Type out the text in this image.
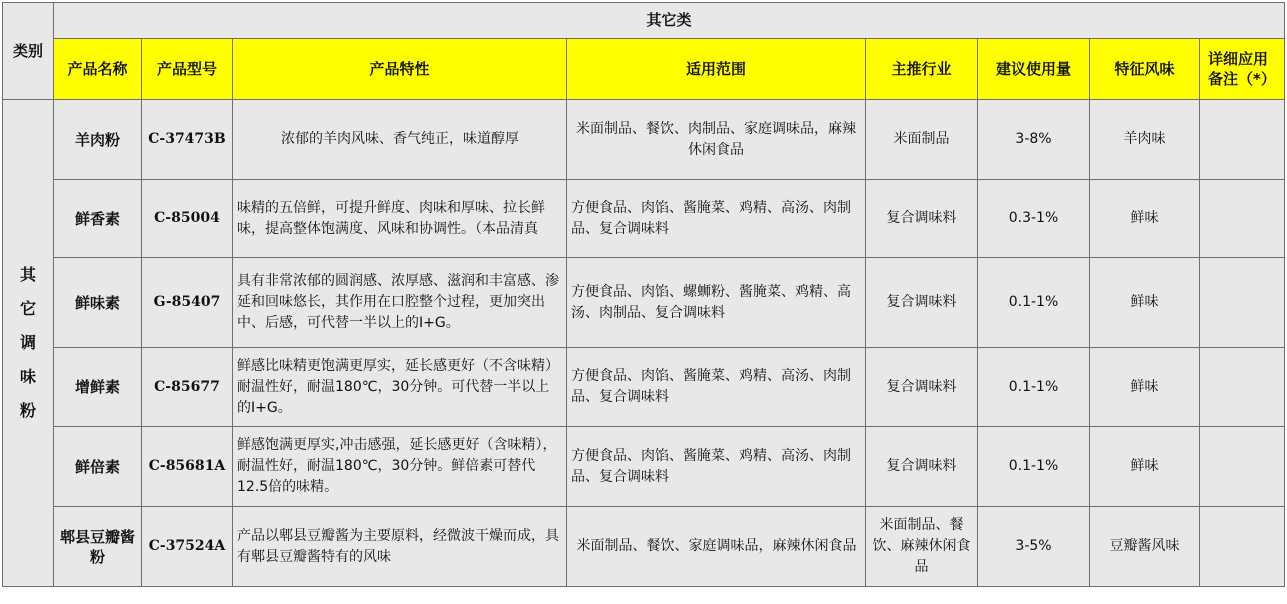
类别	其它类							
	产品名称	产品型号	产品特性	适用范围	主推行业	建议使用量	特征风味	详细应用备注（*）

其
它
调
味
粉	羊肉粉	C-37473B	浓郁的羊肉风味、香气纯正，味道醇厚	米面制品、餐饮、肉制品、家庭调味品，麻辣休闲食品	米面制品	3-8%	羊肉味	
	鲜香素	C-85004	味精的五倍鲜，可提升鲜度、肉味和厚味、拉长鲜味，提高整体饱满度、风味和协调性。（本品清真	方便食品、肉馅、酱腌菜、鸡精、高汤、肉制品、复合调味料	复合调味料	0.3-1%	鲜味	
	鲜味素	G-85407	具有非常浓郁的圆润感、浓厚感、滋润和丰富感、渗延和回味悠长，其作用在口腔整个过程，更加突出中、后感，可代替一半以上的I+G。	方便食品、肉馅、螺蛳粉、酱腌菜、鸡精、高汤、肉制品、复合调味料	复合调味料	0.1-1%	鲜味	
	增鲜素	C-85677	鲜感比味精更饱满更厚实，延长感更好（不含味精）耐温性好，耐温180℃，30分钟。可代替一半以上的I+G。	方便食品、肉馅、酱腌菜、鸡精、高汤、肉制品、复合调味料	复合调味料	0.1-1%	鲜味	
	鲜倍素	C-85681A	鲜感饱满更厚实,冲击感强，延长感更好（含味精），耐温性好，耐温180℃，30分钟。鲜倍素可替代12.5倍的味精。	方便食品、肉馅、酱腌菜、鸡精、高汤、肉制品、复合调味料	复合调味料	0.1-1%	鲜味	
	郫县豆瓣酱粉	C-37524A	产品以郫县豆瓣酱为主要原料，经微波干燥而成，具有郫县豆瓣酱特有的风味	米面制品、餐饮、家庭调味品，麻辣休闲食品	米面制品、餐饮、麻辣休闲食品	3-5%	豆瓣酱风味	
